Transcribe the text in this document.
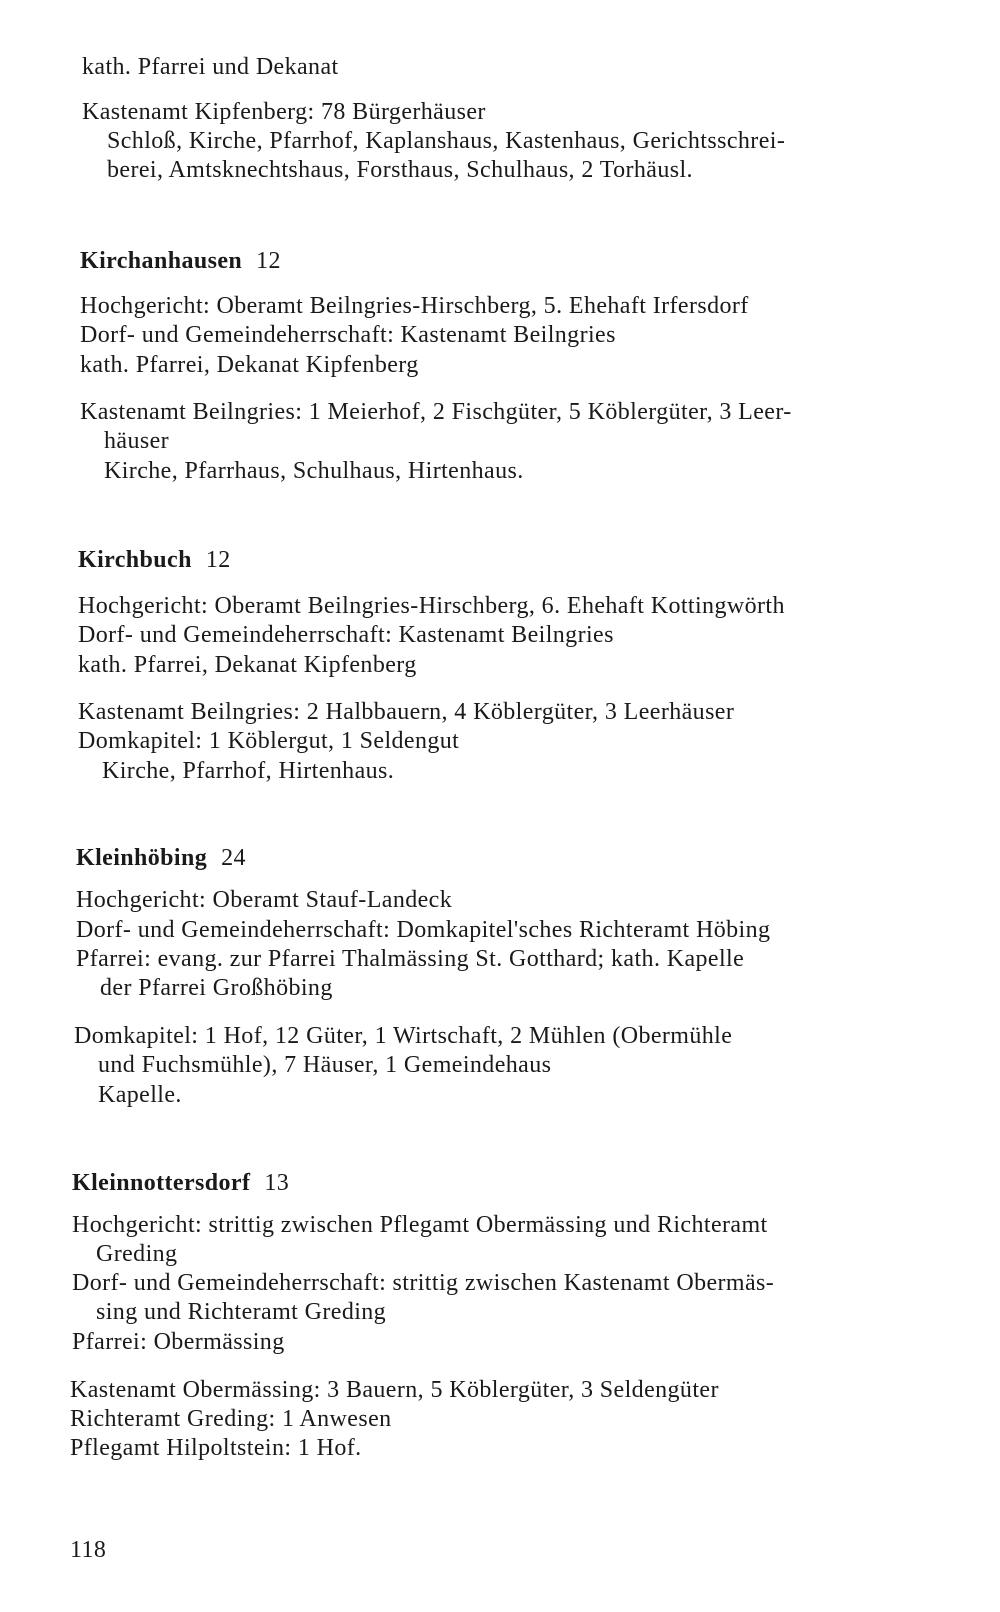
kath. Pfarrei und Dekanat
Kastenamt Kipfenberg: 78 Bürgerhäuser
Schloß, Kirche, Pfarrhof, Kaplanshaus, Kastenhaus, Gerichtsschrei-
berei, Amtsknechtshaus, Forsthaus, Schulhaus, 2 Torhäusl.
Kirchanhausen 12
Hochgericht: Oberamt Beilngries-Hirschberg, 5. Ehehaft Irfersdorf
Dorf- und Gemeindeherrschaft: Kastenamt Beilngries
kath. Pfarrei, Dekanat Kipfenberg
Kastenamt Beilngries: 1 Meierhof, 2 Fischgüter, 5 Köblergüter, 3 Leer-
häuser
Kirche, Pfarrhaus, Schulhaus, Hirtenhaus.
Kirchbuch 12
Hochgericht: Oberamt Beilngries-Hirschberg, 6. Ehehaft Kottingwörth
Dorf- und Gemeindeherrschaft: Kastenamt Beilngries
kath. Pfarrei, Dekanat Kipfenberg
Kastenamt Beilngries: 2 Halbbauern, 4 Köblergüter, 3 Leerhäuser
Domkapitel: 1 Köblergut, 1 Seldengut
Kirche, Pfarrhof, Hirtenhaus.
Kleinhöbing 24
Hochgericht: Oberamt Stauf-Landeck
Dorf- und Gemeindeherrschaft: Domkapitel'sches Richteramt Höbing
Pfarrei: evang. zur Pfarrei Thalmässing St. Gotthard; kath. Kapelle
der Pfarrei Großhöbing
Domkapitel: 1 Hof, 12 Güter, 1 Wirtschaft, 2 Mühlen (Obermühle
und Fuchsmühle), 7 Häuser, 1 Gemeindehaus
Kapelle.
Kleinnottersdorf 13
Hochgericht: strittig zwischen Pflegamt Obermässing und Richteramt
Greding
Dorf- und Gemeindeherrschaft: strittig zwischen Kastenamt Obermäs-
sing und Richteramt Greding
Pfarrei: Obermässing
Kastenamt Obermässing: 3 Bauern, 5 Köblergüter, 3 Seldengüter
Richteramt Greding: 1 Anwesen
Pflegamt Hilpoltstein: 1 Hof.
118
